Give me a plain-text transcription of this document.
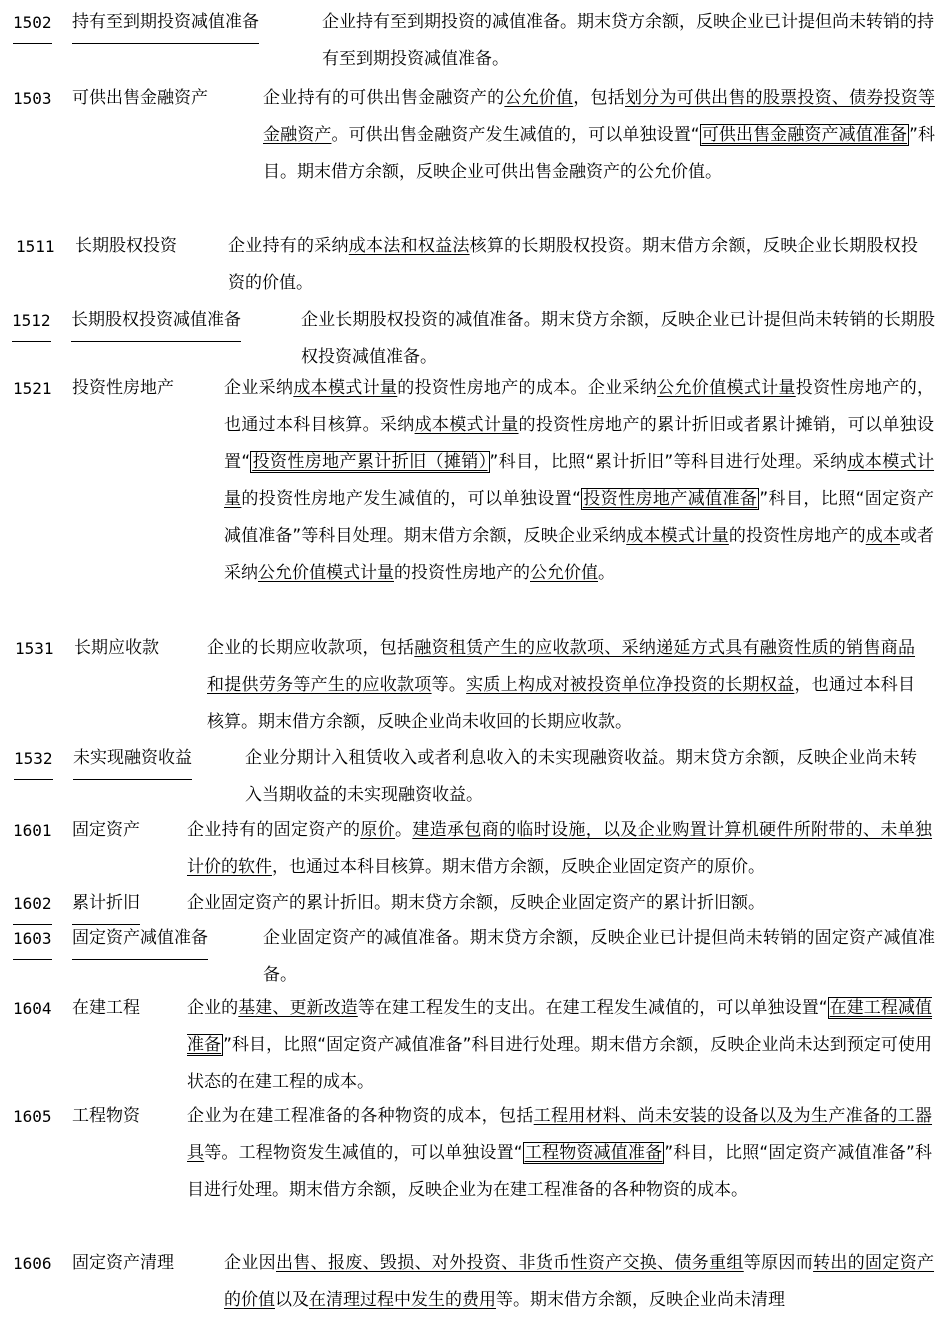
1502 持有至到期投资减值准备	企业持有至到期投资的减值准备。期末贷方余额，反映企业已计提但尚未转销的持有至到期投资减值准备。
1503 可供出售金融资产	企业持有的可供出售金融资产的公允价值，包括划分为可供出售的股票投资、债券投资等金融资产。可供出售金融资产发生减值的，可以单独设置“ 可供出售金融资产减值准备 ”科目。期末借方余额，反映企业可供出售金融资产的公允价值。
1511 长期股权投资	企业持有的采纳成本法和权益法核算的长期股权投资。期末借方余额，反映企业长期股权投资的价值。
1512 长期股权投资减值准备	企业长期股权投资的减值准备。期末贷方余额，反映企业已计提但尚未转销的长期股权投资减值准备。
1521 投资性房地产	企业采纳成本模式计量的投资性房地产的成本。企业采纳公允价值模式计量投资性房地产的，也通过本科目核算。采纳成本模式计量的投资性房地产的累计折旧或者累计摊销，可以单独设置“ 投资性房地产累计折旧（摊销） ”科目，比照“累计折旧”等科目进行处理。采纳成本模式计量的投资性房地产发生减值的，可以单独设置“ 投资性房地产减值准备 ”科目，比照“固定资产减值准备”等科目处理。期末借方余额，反映企业采纳成本模式计量的投资性房地产的成本或者采纳公允价值模式计量的投资性房地产的公允价值。
1531 长期应收款	企业的长期应收款项，包括融资租赁产生的应收款项、采纳递延方式具有融资性质的销售商品和提供劳务等产生的应收款项等。实质上构成对被投资单位净投资的长期权益，也通过本科目核算。期末借方余额，反映企业尚未收回的长期应收款。
1532 未实现融资收益	企业分期计入租赁收入或者利息收入的未实现融资收益。期末贷方余额，反映企业尚未转入当期收益的未实现融资收益。
1601 固定资产	企业持有的固定资产的原价。建造承包商的临时设施，以及企业购置计算机硬件所附带的、未单独计价的软件，也通过本科目核算。期末借方余额，反映企业固定资产的原价。
1602 累计折旧	企业固定资产的累计折旧。期末贷方余额，反映企业固定资产的累计折旧额。
1603 固定资产减值准备	企业固定资产的减值准备。期末贷方余额，反映企业已计提但尚未转销的固定资产减值准备。
1604 在建工程	企业的基建、更新改造等在建工程发生的支出。在建工程发生减值的，可以单独设置“ 在建工程减值准备 ”科目，比照“固定资产减值准备”科目进行处理。期末借方余额，反映企业尚未达到预定可使用状态的在建工程的成本。
1605 工程物资	企业为在建工程准备的各种物资的成本，包括工程用材料、尚未安装的设备以及为生产准备的工器具等。工程物资发生减值的，可以单独设置“ 工程物资减值准备 ”科目，比照“固定资产减值准备”科目进行处理。期末借方余额，反映企业为在建工程准备的各种物资的成本。
1606 固定资产清理	企业因出售、报废、毁损、对外投资、非货币性资产交换、债务重组等原因而转出的固定资产的价值以及在清理过程中发生的费用等。期末借方余额，反映企业尚未清理
